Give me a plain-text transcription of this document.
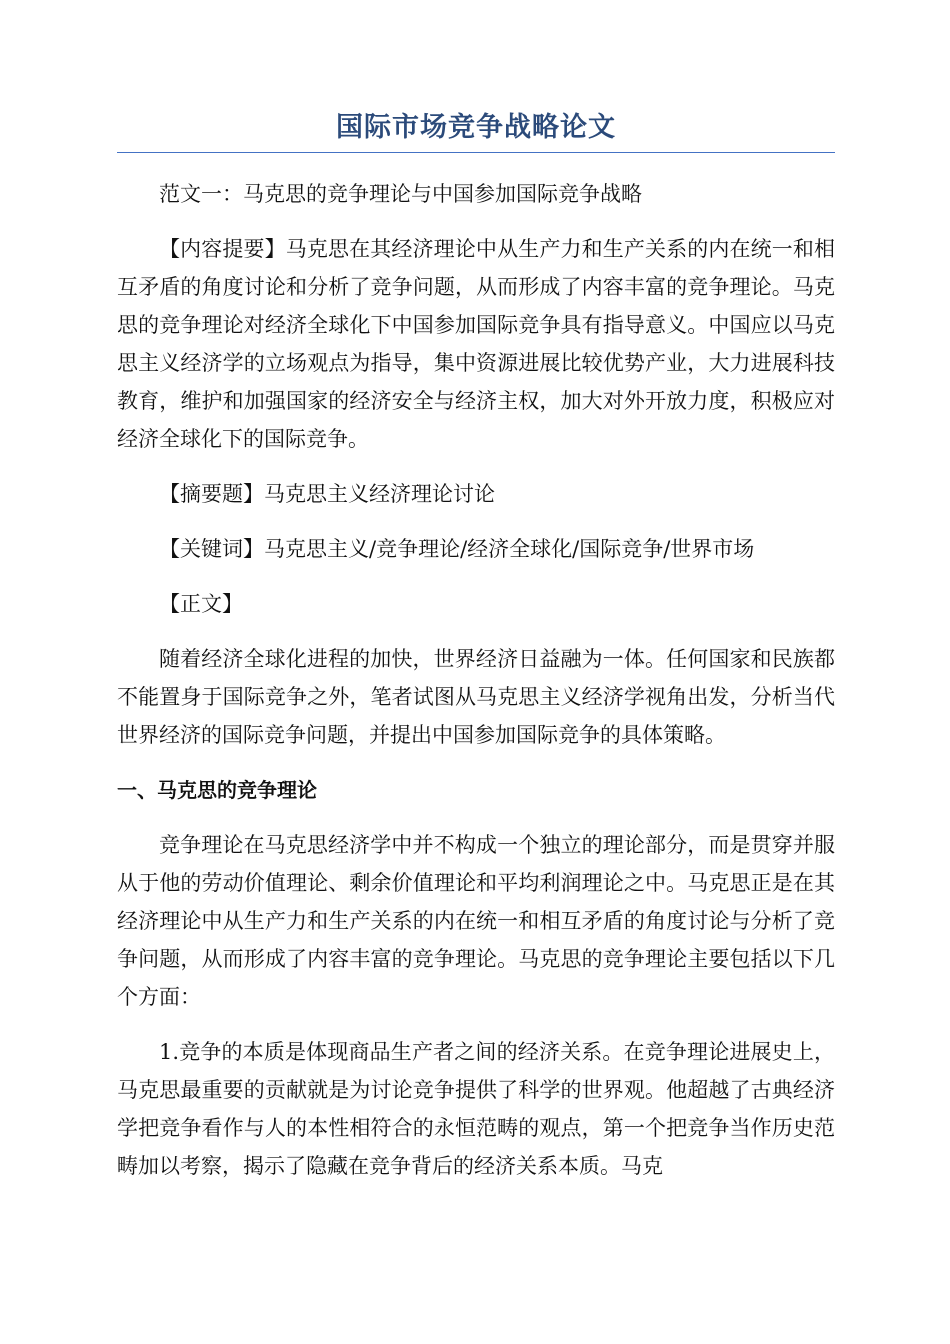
国际市场竞争战略论文

范文一：马克思的竞争理论与中国参加国际竞争战略

【内容提要】马克思在其经济理论中从生产力和生产关系的内在统一和相互矛盾的角度讨论和分析了竞争问题，从而形成了内容丰富的竞争理论。马克思的竞争理论对经济全球化下中国参加国际竞争具有指导意义。中国应以马克思主义经济学的立场观点为指导，集中资源进展比较优势产业，大力进展科技教育，维护和加强国家的经济安全与经济主权，加大对外开放力度，积极应对经济全球化下的国际竞争。

【摘要题】马克思主义经济理论讨论

【关键词】马克思主义/竞争理论/经济全球化/国际竞争/世界市场

【正文】

随着经济全球化进程的加快，世界经济日益融为一体。任何国家和民族都不能置身于国际竞争之外，笔者试图从马克思主义经济学视角出发，分析当代世界经济的国际竞争问题，并提出中国参加国际竞争的具体策略。

一、马克思的竞争理论

竞争理论在马克思经济学中并不构成一个独立的理论部分，而是贯穿并服从于他的劳动价值理论、剩余价值理论和平均利润理论之中。马克思正是在其经济理论中从生产力和生产关系的内在统一和相互矛盾的角度讨论与分析了竞争问题，从而形成了内容丰富的竞争理论。马克思的竞争理论主要包括以下几个方面：

1.竞争的本质是体现商品生产者之间的经济关系。在竞争理论进展史上，马克思最重要的贡献就是为讨论竞争提供了科学的世界观。他超越了古典经济学把竞争看作与人的本性相符合的永恒范畴的观点，第一个把竞争当作历史范畴加以考察，揭示了隐藏在竞争背后的经济关系本质。马克
